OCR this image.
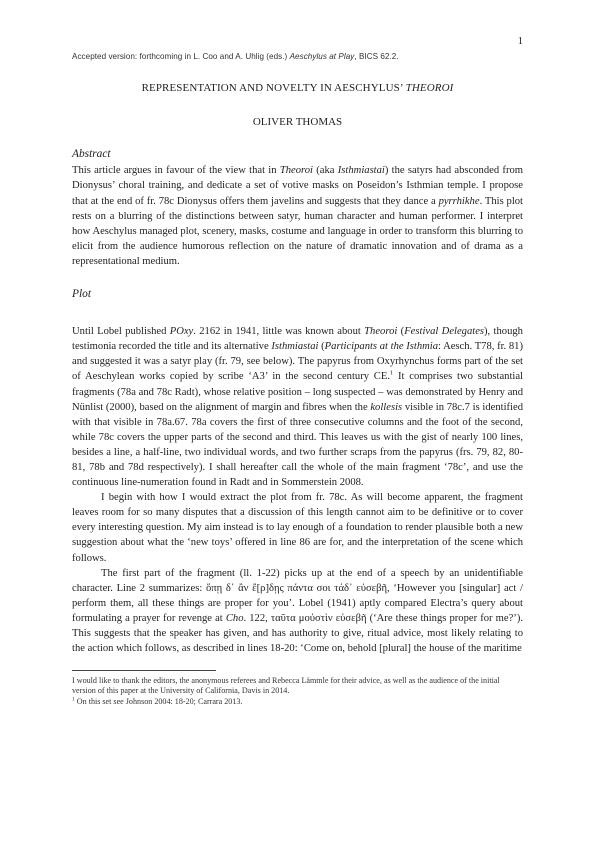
1
Accepted version: forthcoming in L. Coo and A. Uhlig (eds.) Aeschylus at Play, BICS 62.2.
REPRESENTATION AND NOVELTY IN AESCHYLUS’ THEOROI
OLIVER THOMAS
Abstract

This article argues in favour of the view that in Theoroi (aka Isthmiastai) the satyrs had absconded from Dionysus’ choral training, and dedicate a set of votive masks on Poseidon’s Isthmian temple. I propose that at the end of fr. 78c Dionysus offers them javelins and suggests that they dance a pyrrhikhe. This plot rests on a blurring of the distinctions between satyr, human character and human performer. I interpret how Aeschylus managed plot, scenery, masks, costume and language in order to transform this blurring to elicit from the audience humorous reflection on the nature of dramatic innovation and of drama as a representational medium.

Plot

Until Lobel published POxy. 2162 in 1941, little was known about Theoroi (Festival Delegates), though testimonia recorded the title and its alternative Isthmiastai (Participants at the Isthmia: Aesch. T78, fr. 81) and suggested it was a satyr play (fr. 79, see below). The papyrus from Oxyrhynchus forms part of the set of Aeschylean works copied by scribe ‘A3’ in the second century CE.$^1$ It comprises two substantial fragments (78a and 78c Radt), whose relative position – long suspected – was demonstrated by Henry and Nünlist (2000), based on the alignment of margin and fibres when the kollesis visible in 78c.7 is identified with that visible in 78a.67. 78a covers the first of three consecutive columns and the foot of the second, while 78c covers the upper parts of the second and third. This leaves us with the gist of nearly 100 lines, besides a line, a half-line, two individual words, and two further scraps from the papyrus (frs. 79, 82, 80-81, 78b and 78d respectively). I shall hereafter call the whole of the main fragment ‘78c’, and use the continuous line-numeration found in Radt and in Sommerstein 2008.

I begin with how I would extract the plot from fr. 78c. As will become apparent, the fragment leaves room for so many disputes that a discussion of this length cannot aim to be definitive or to cover every interesting question. My aim instead is to lay enough of a foundation to render plausible both a new suggestion about what the ‘new toys’ offered in line 86 are for, and the interpretation of the scene which follows.

The first part of the fragment (ll. 1-22) picks up at the end of a speech by an unidentifiable character. Line 2 summarizes: ὅπῃ δ᾽ ἂν ἔ[ρ]δῃς πάντα σοι τάδ᾽ εὐσεβῆ, ‘However you [singular] act / perform them, all these things are proper for you’. Lobel (1941) aptly compared Electra’s query about formulating a prayer for revenge at Cho. 122, ταῦτα μοὐστὶν εὐσεβῆ (‘Are these things proper for me?’). This suggests that the speaker has given, and has authority to give, ritual advice, most likely relating to the action which follows, as described in lines 18-20: ‘Come on, behold [plural] the house of the maritime

I would like to thank the editors, the anonymous referees and Rebecca Lämmle for their advice, as well as the audience of the initial version of this paper at the University of California, Davis in 2014.

$^1$ On this set see Johnson 2004: 18-20; Carrara 2013.
